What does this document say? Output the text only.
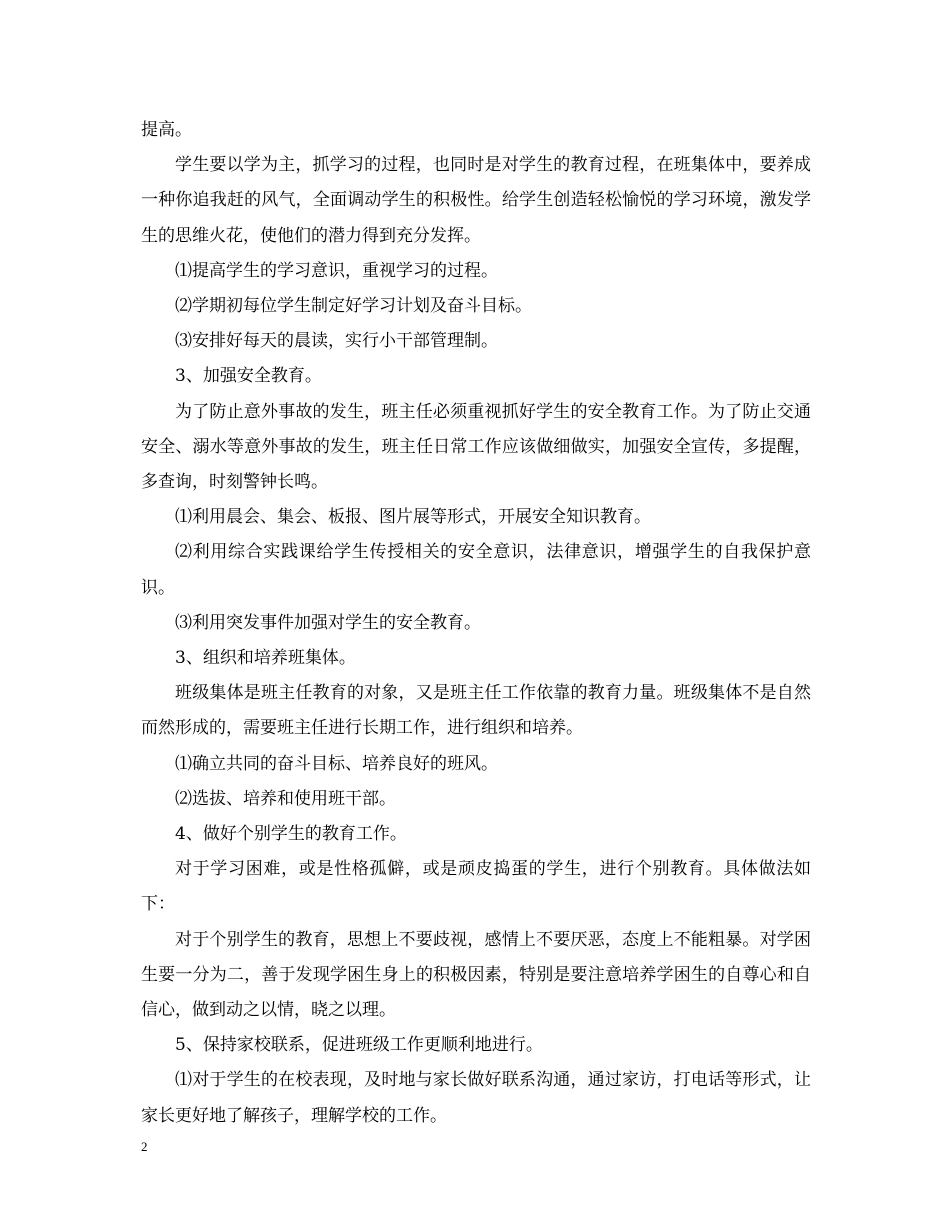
提高。

学生要以学为主，抓学习的过程，也同时是对学生的教育过程，在班集体中，要养成一种你追我赶的风气，全面调动学生的积极性。给学生创造轻松愉悦的学习环境，激发学生的思维火花，使他们的潜力得到充分发挥。

⑴提高学生的学习意识，重视学习的过程。

⑵学期初每位学生制定好学习计划及奋斗目标。

⑶安排好每天的晨读，实行小干部管理制。

3、加强安全教育。

为了防止意外事故的发生，班主任必须重视抓好学生的安全教育工作。为了防止交通安全、溺水等意外事故的发生，班主任日常工作应该做细做实，加强安全宣传，多提醒，多查询，时刻警钟长鸣。

⑴利用晨会、集会、板报、图片展等形式，开展安全知识教育。

⑵利用综合实践课给学生传授相关的安全意识，法律意识，增强学生的自我保护意识。

⑶利用突发事件加强对学生的安全教育。

3、组织和培养班集体。

班级集体是班主任教育的对象，又是班主任工作依靠的教育力量。班级集体不是自然而然形成的，需要班主任进行长期工作，进行组织和培养。

⑴确立共同的奋斗目标、培养良好的班风。

⑵选拔、培养和使用班干部。

4、做好个别学生的教育工作。

对于学习困难，或是性格孤僻，或是顽皮捣蛋的学生，进行个别教育。具体做法如下：

对于个别学生的教育，思想上不要歧视，感情上不要厌恶，态度上不能粗暴。对学困生要一分为二，善于发现学困生身上的积极因素，特别是要注意培养学困生的自尊心和自信心，做到动之以情，晓之以理。

5、保持家校联系，促进班级工作更顺利地进行。

⑴对于学生的在校表现，及时地与家长做好联系沟通，通过家访，打电话等形式，让家长更好地了解孩子，理解学校的工作。

2
